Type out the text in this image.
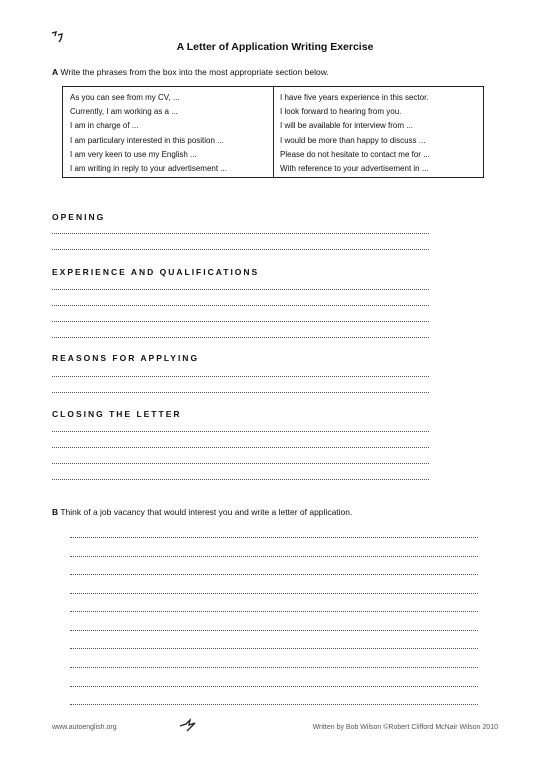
A Letter of Application Writing Exercise
A Write the phrases from the box into the most appropriate section below.
As you can see from my CV, ...
Currently, I am working as a ...
I am in charge of ...
I am particulary interested in this position ...
I am very keen to use my English ...
I am writing in reply to your advertisement ...
I have five years experience in this sector.
I look forward to hearing from you.
I will be available for interview from ...
I would be more than happy to discuss ...
Please do not hesitate to contact me for ...
With reference to your advertisement in ...
OPENING
EXPERIENCE AND QUALIFICATIONS
REASONS FOR APPLYING
CLOSING THE LETTER
B Think of a job vacancy that would interest you and write a letter of application.
www.autoenglish.org	Written by Bob Wilson ©Robert Clifford McNair Wilson 2010
